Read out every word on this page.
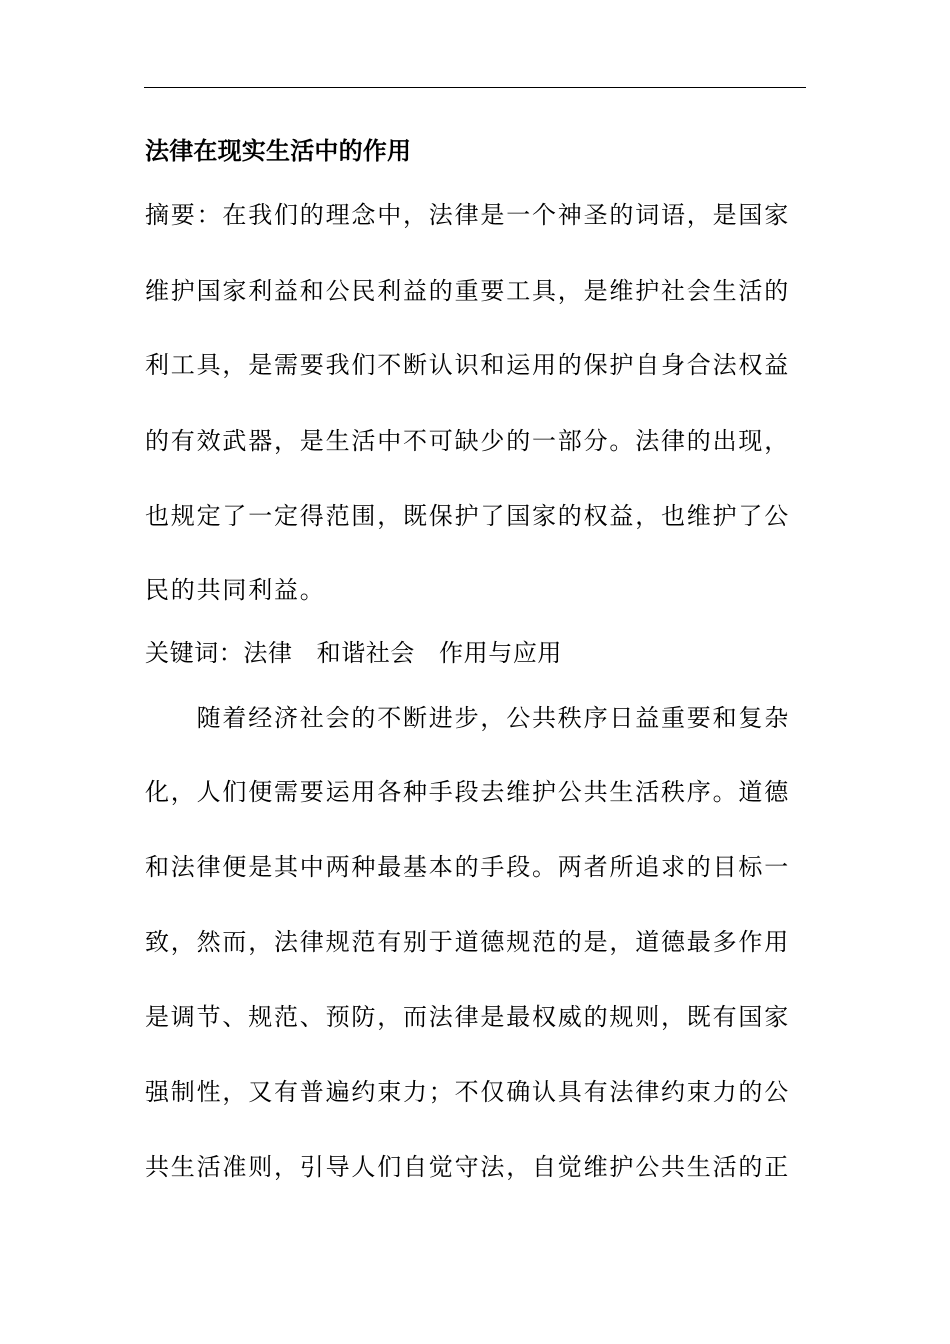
法律在现实生活中的作用
摘要：在我们的理念中，法律是一个神圣的词语，是国家
维护国家利益和公民利益的重要工具，是维护社会生活的
利工具，是需要我们不断认识和运用的保护自身合法权益
的有效武器，是生活中不可缺少的一部分。法律的出现，
也规定了一定得范围，既保护了国家的权益，也维护了公
民的共同利益。
关键词：法律 和谐社会 作用与应用
　　随着经济社会的不断进步，公共秩序日益重要和复杂
化，人们便需要运用各种手段去维护公共生活秩序。道德
和法律便是其中两种最基本的手段。两者所追求的目标一
致，然而，法律规范有别于道德规范的是，道德最多作用
是调节、规范、预防，而法律是最权威的规则，既有国家
强制性，又有普遍约束力；不仅确认具有法律约束力的公
共生活准则，引导人们自觉守法，自觉维护公共生活的正
